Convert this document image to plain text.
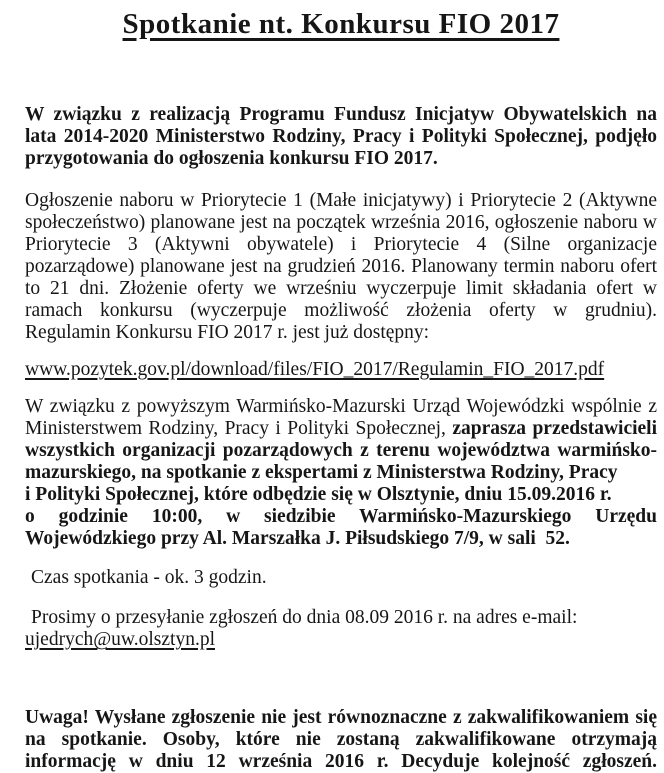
Spotkanie nt. Konkursu FIO 2017

W związku z realizacją Programu Fundusz Inicjatyw Obywatelskich na lata 2014-2020 Ministerstwo Rodziny, Pracy i Polityki Społecznej, podjęło przygotowania do ogłoszenia konkursu FIO 2017.

Ogłoszenie naboru w Priorytecie 1 (Małe inicjatywy) i Priorytecie 2 (Aktywne społeczeństwo) planowane jest na początek września 2016, ogłoszenie naboru w Priorytecie 3 (Aktywni obywatele) i Priorytecie 4 (Silne organizacje pozarządowe) planowane jest na grudzień 2016. Planowany termin naboru ofert to 21 dni. Złożenie oferty we wrześniu wyczerpuje limit składania ofert w ramach konkursu (wyczerpuje możliwość złożenia oferty w grudniu). Regulamin Konkursu FIO 2017 r. jest już dostępny:

www.pozytek.gov.pl/download/files/FIO_2017/Regulamin_FIO_2017.pdf

W związku z powyższym Warmińsko-Mazurski Urząd Wojewódzki wspólnie z Ministerstwem Rodziny, Pracy i Polityki Społecznej, zaprasza przedstawicieli wszystkich organizacji pozarządowych z terenu województwa warmińsko-mazurskiego, na spotkanie z ekspertami z Ministerstwa Rodziny, Pracy
i Polityki Społecznej, które odbędzie się w Olsztynie, dniu 15.09.2016 r.
o godzinie 10:00, w siedzibie Warmińsko-Mazurskiego Urzędu Wojewódzkiego przy Al. Marszałka J. Piłsudskiego 7/9, w sali  52.

Czas spotkania - ok. 3 godzin.

Prosimy o przesyłanie zgłoszeń do dnia 08.09 2016 r. na adres e-mail:
ujedrych@uw.olsztyn.pl

Uwaga! Wysłane zgłoszenie nie jest równoznaczne z zakwalifikowaniem się na spotkanie. Osoby, które nie zostaną zakwalifikowane otrzymają informację w dniu 12 września 2016 r. Decyduje kolejność zgłoszeń.
